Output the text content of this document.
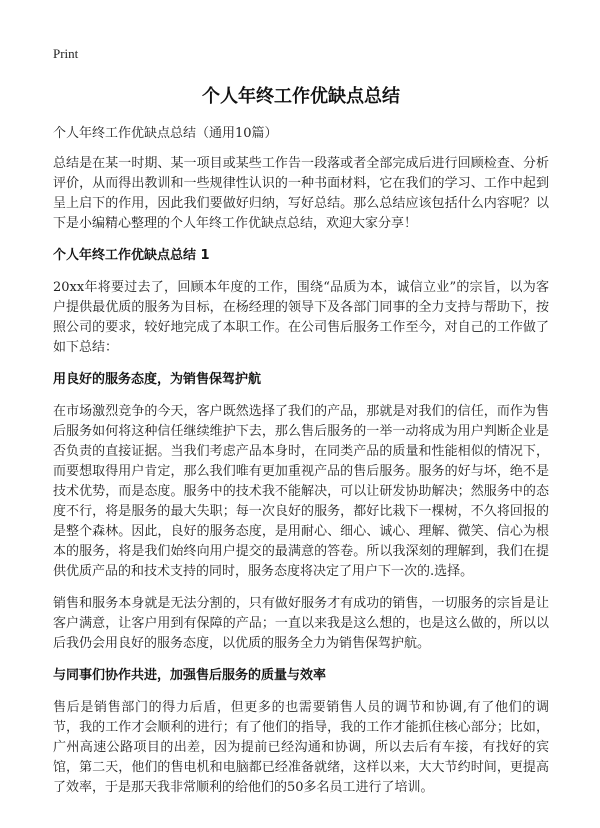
Print
个人年终工作优缺点总结

个人年终工作优缺点总结（通用10篇）

总结是在某一时期、某一项目或某些工作告一段落或者全部完成后进行回顾检查、分析评价，从而得出教训和一些规律性认识的一种书面材料，它在我们的学习、工作中起到呈上启下的作用，因此我们要做好归纳，写好总结。那么总结应该包括什么内容呢？以下是小编精心整理的个人年终工作优缺点总结，欢迎大家分享！

个人年终工作优缺点总结 1

20xx年将要过去了，回顾本年度的工作，围绕“品质为本，诚信立业”的宗旨，以为客户提供最优质的服务为目标，在杨经理的领导下及各部门同事的全力支持与帮助下，按照公司的要求，较好地完成了本职工作。在公司售后服务工作至今，对自己的工作做了如下总结：

用良好的服务态度，为销售保驾护航

在市场激烈竞争的今天，客户既然选择了我们的产品，那就是对我们的信任，而作为售后服务如何将这种信任继续维护下去，那么售后服务的一举一动将成为用户判断企业是否负责的直接证据。当我们考虑产品本身时，在同类产品的质量和性能相似的情况下，而要想取得用户肯定，那么我们唯有更加重视产品的售后服务。服务的好与坏，绝不是技术优势，而是态度。服务中的技术我不能解决，可以让研发协助解决；然服务中的态度不行，将是服务的最大失职；每一次良好的服务，都好比栽下一棵树，不久将回报的是整个森林。因此，良好的服务态度，是用耐心、细心、诚心、理解、微笑、信心为根本的服务，将是我们始终向用户提交的最满意的答卷。所以我深刻的理解到，我们在提供优质产品的和技术支持的同时，服务态度将决定了用户下一次的.选择。

销售和服务本身就是无法分割的，只有做好服务才有成功的销售，一切服务的宗旨是让客户满意，让客户用到有保障的产品；一直以来我是这么想的，也是这么做的，所以以后我仍会用良好的服务态度，以优质的服务全力为销售保驾护航。

与同事们协作共进，加强售后服务的质量与效率

售后是销售部门的得力后盾，但更多的也需要销售人员的调节和协调,有了他们的调节，我的工作才会顺利的进行；有了他们的指导，我的工作才能抓住核心部分；比如，广州高速公路项目的出差，因为提前已经沟通和协调，所以去后有车接，有找好的宾馆，第二天，他们的售电机和电脑都已经准备就绪，这样以来，大大节约时间，更提高了效率，于是那天我非常顺利的给他们的50多名员工进行了培训。
